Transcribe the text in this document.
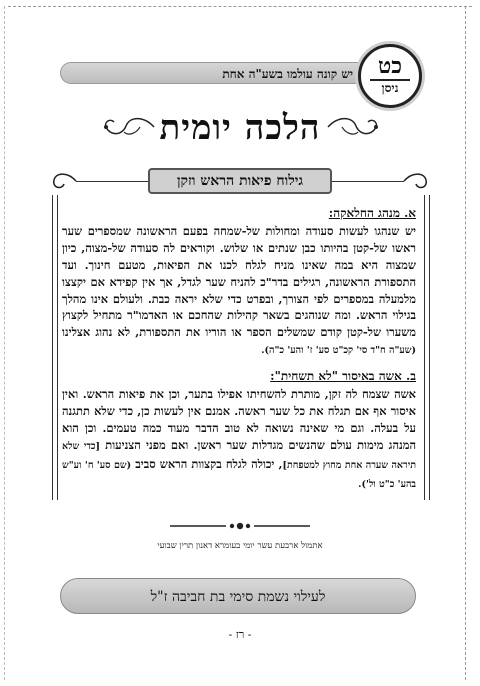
יש קונה עולמו בשע"ה אחת	כט
ניסן
הלכה יומית
גילוח פיאות הראש וזקן
א. מנהג החלאקה:

יש שנהגו לעשות סעודה ומחולות של-שמחה בפעם הראשונה שמספרים שער ראשו של-קטן בהיותו כבן שנתים או שלוש. וקוראים לה סעודה של-מצוה, כיון שמצוה היא במה שאינו מניח לגלח לכנו את הפיאות, מטעם חינוך. ועד התספורת הראשונה, רגילים בדר"כ להניח שער לגדל, אך אין קפידא אם יקצצו מלמעלה במספרים לפי הצורך, ובפרט כדי שלא יראה כבת. ולעולם אינו מהלך בגילוי הראש. ומה שנוהגים בשאר קהילות שהחכם או האדמו"ר מתחיל לקצוץ משערו של-קטן קודם שמשלים הספר או הוריו את התספורת, לא נהוג אצלינו (שע"ה ח"ד סי' קכ"ט סע' ז' והע' כ"ה).

ב. אשה באיסור "לא תשחית":

אשה שצמח לה זקן, מותרת להשחיתו אפילו בתער, וכן את פיאות הראש. ואין איסור אף אם תגלח את כל שער ראשה. אמנם אין לעשות כן, כדי שלא תתגנה על בעלה. וגם מי שאינה נשואה לא טוב הדבר מעוד כמה טעמים. וכן הוא המנהג מימות עולם שהנשים מגדלות שער ראשן. ואם מפני הצניעות [כדי שלא תיראה שערה אחת מחוץ למטפחת], יכולה לגלח בקצוות הראש סביב (שם סע' ח' וע"ש בהע' כ"ט ול').

אתמול ארבעת עשר יומי בעומרא דאנון תרין שבועי
לעילוי נשמת סימי בת חביבה ז"ל
- רז -
